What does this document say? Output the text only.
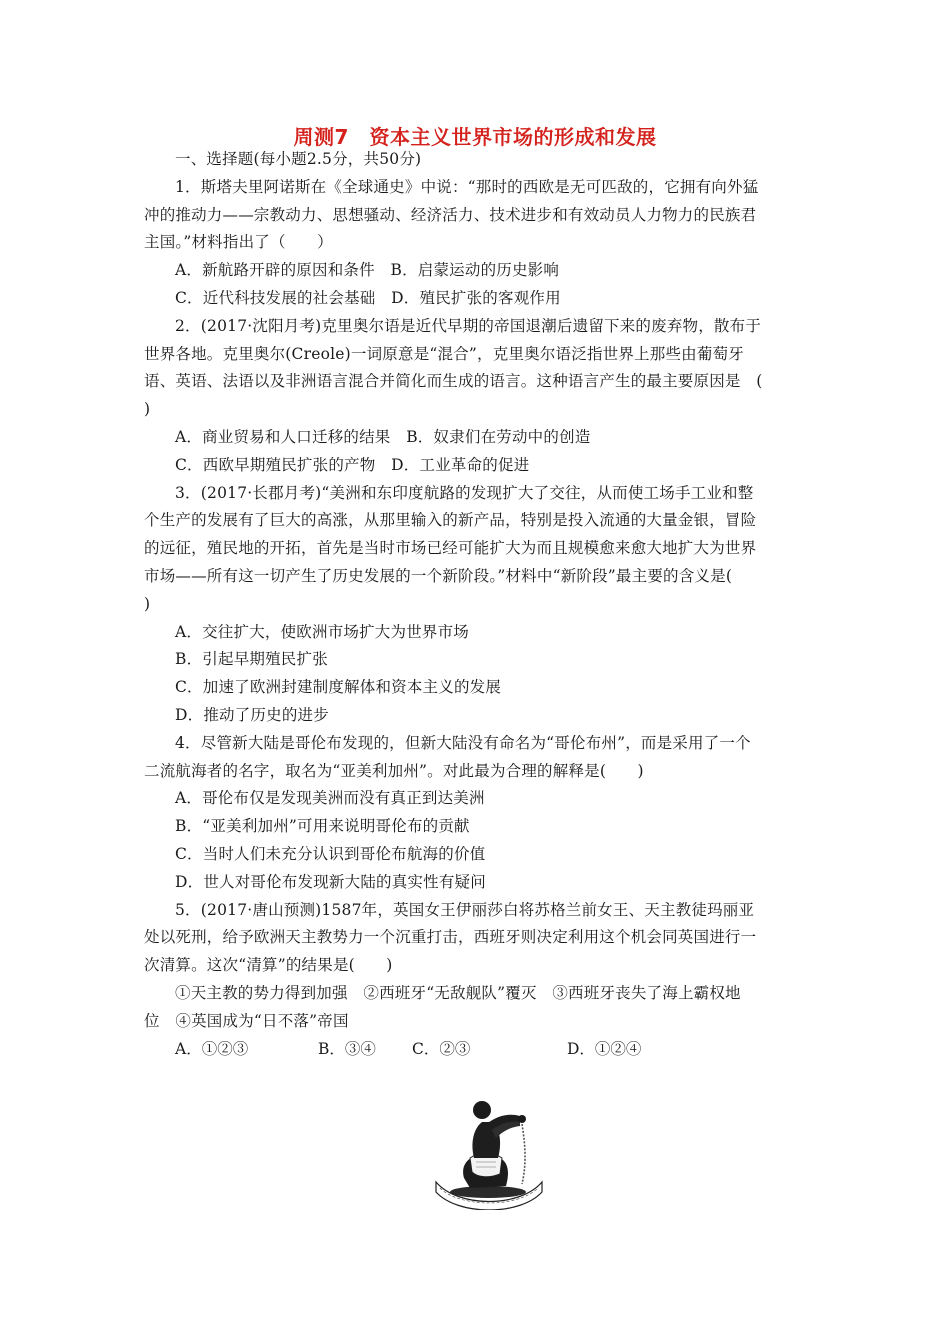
周测7　资本主义世界市场的形成和发展
一、选择题(每小题2.5分，共50分)
1．斯塔夫里阿诺斯在《全球通史》中说：“那时的西欧是无可匹敌的，它拥有向外猛
冲的推动力——宗教动力、思想骚动、经济活力、技术进步和有效动员人力物力的民族君
主国。”材料指出了（　　）
A．新航路开辟的原因和条件　B．启蒙运动的历史影响
C．近代科技发展的社会基础　D．殖民扩张的客观作用
2．(2017·沈阳月考)克里奥尔语是近代早期的帝国退潮后遗留下来的废弃物，散布于
世界各地。克里奥尔(Creole)一词原意是“混合”，克里奥尔语泛指世界上那些由葡萄牙
语、英语、法语以及非洲语言混合并简化而生成的语言。这种语言产生的最主要原因是　(
)
A．商业贸易和人口迁移的结果　B．奴隶们在劳动中的创造
C．西欧早期殖民扩张的产物　D．工业革命的促进
3．(2017·长郡月考)“美洲和东印度航路的发现扩大了交往，从而使工场手工业和整
个生产的发展有了巨大的高涨，从那里输入的新产品，特别是投入流通的大量金银，冒险
的远征，殖民地的开拓，首先是当时市场已经可能扩大为而且规模愈来愈大地扩大为世界
市场——所有这一切产生了历史发展的一个新阶段。”材料中“新阶段”最主要的含义是(
)
A．交往扩大，使欧洲市场扩大为世界市场
B．引起早期殖民扩张
C．加速了欧洲封建制度解体和资本主义的发展
D．推动了历史的进步
4．尽管新大陆是哥伦布发现的，但新大陆没有命名为“哥伦布州”，而是采用了一个
二流航海者的名字，取名为“亚美利加州”。对此最为合理的解释是(　　)
A．哥伦布仅是发现美洲而没有真正到达美洲
B．“亚美利加州”可用来说明哥伦布的贡献
C．当时人们未充分认识到哥伦布航海的价值
D．世人对哥伦布发现新大陆的真实性有疑问
5．(2017·唐山预测)1587年，英国女王伊丽莎白将苏格兰前女王、天主教徒玛丽亚
处以死刑，给予欧洲天主教势力一个沉重打击，西班牙则决定利用这个机会同英国进行一
次清算。这次“清算”的结果是(　　)
①天主教的势力得到加强　②西班牙“无敌舰队”覆灭　③西班牙丧失了海上霸权地
位　④英国成为“日不落”帝国
A．①②③	B．③④ C．②③	D．①②④
